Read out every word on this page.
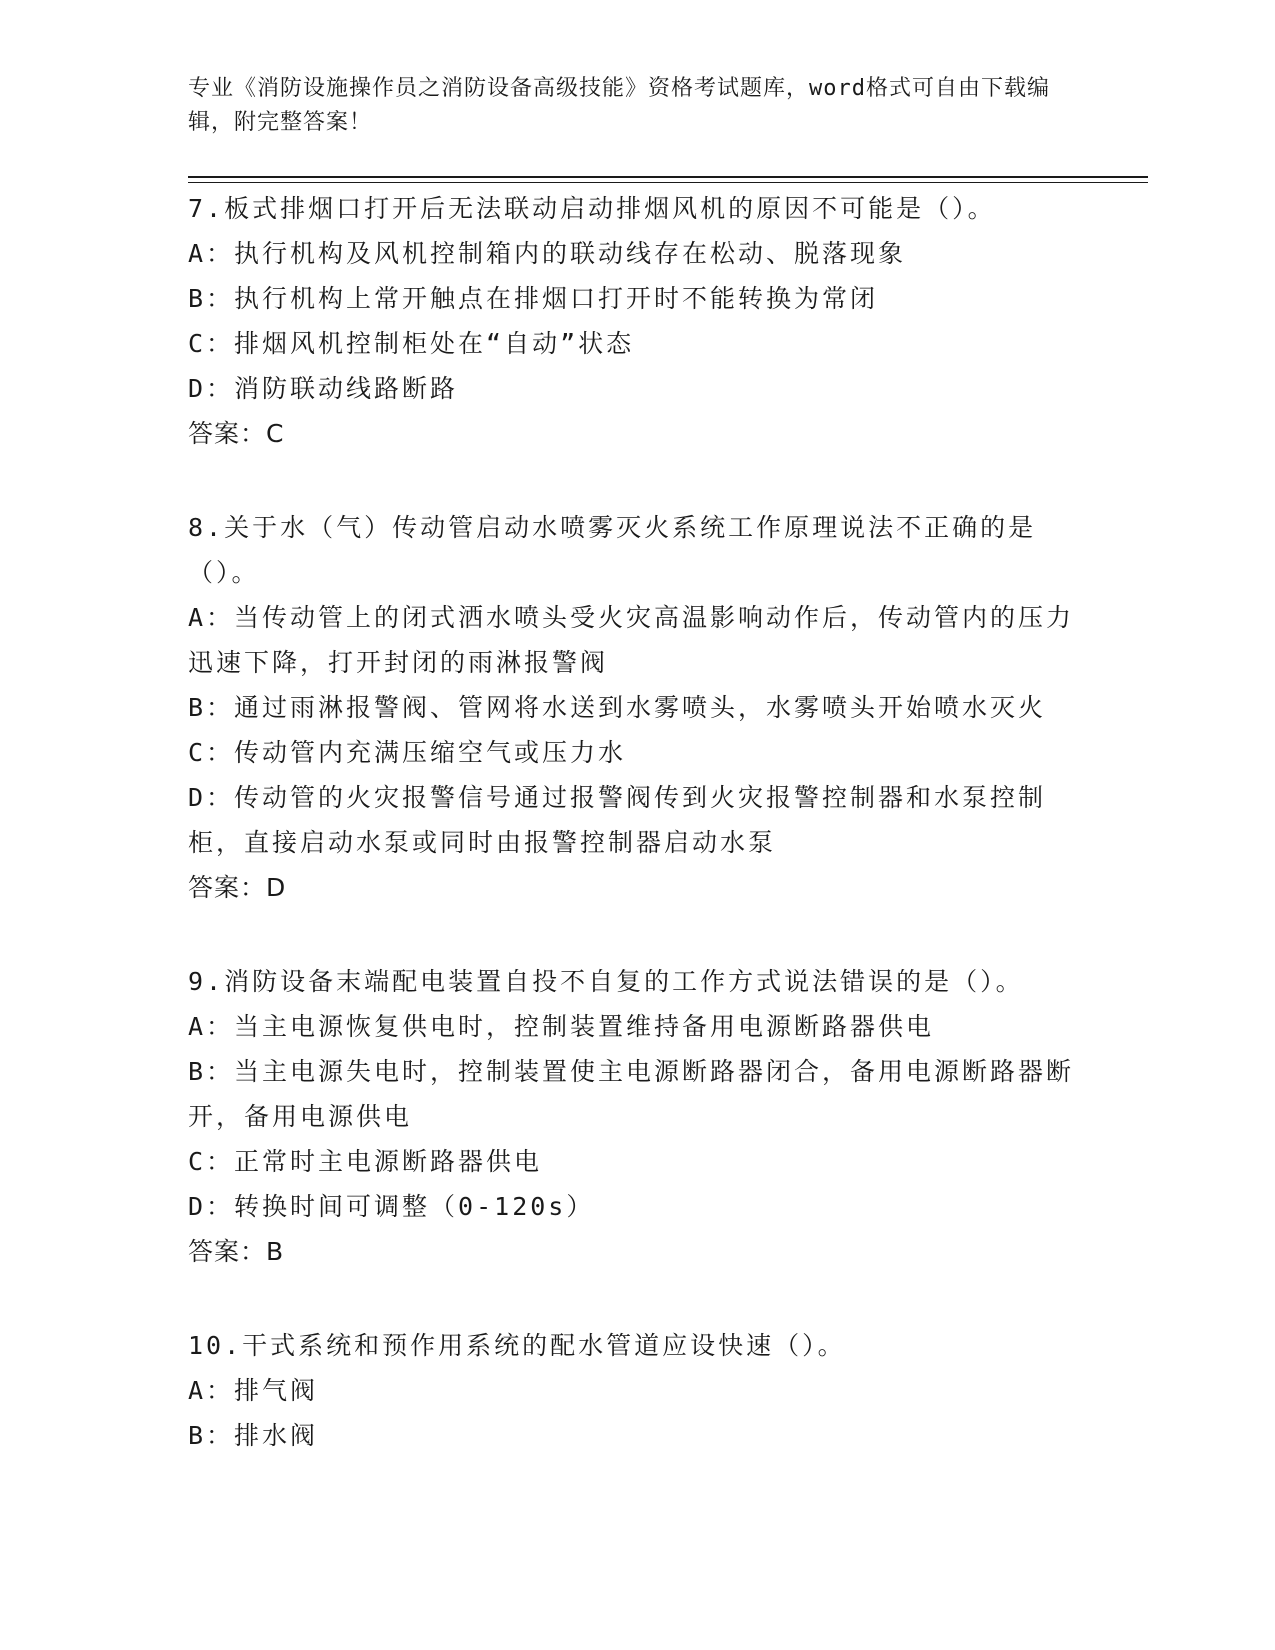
专业《消防设施操作员之消防设备高级技能》资格考试题库，word格式可自由下载编辑，附完整答案！

7.板式排烟口打开后无法联动启动排烟风机的原因不可能是（）。

A：执行机构及风机控制箱内的联动线存在松动、脱落现象

B：执行机构上常开触点在排烟口打开时不能转换为常闭

C：排烟风机控制柜处在“自动”状态

D：消防联动线路断路

答案：C

8.关于水（气）传动管启动水喷雾灭火系统工作原理说法不正确的是（）。

A：当传动管上的闭式洒水喷头受火灾高温影响动作后，传动管内的压力迅速下降，打开封闭的雨淋报警阀

B：通过雨淋报警阀、管网将水送到水雾喷头，水雾喷头开始喷水灭火

C：传动管内充满压缩空气或压力水

D：传动管的火灾报警信号通过报警阀传到火灾报警控制器和水泵控制柜，直接启动水泵或同时由报警控制器启动水泵

答案：D

9.消防设备末端配电装置自投不自复的工作方式说法错误的是（）。

A：当主电源恢复供电时，控制装置维持备用电源断路器供电

B：当主电源失电时，控制装置使主电源断路器闭合，备用电源断路器断开，备用电源供电

C：正常时主电源断路器供电

D：转换时间可调整（0-120s）

答案：B

10.干式系统和预作用系统的配水管道应设快速（）。

A：排气阀

B：排水阀
